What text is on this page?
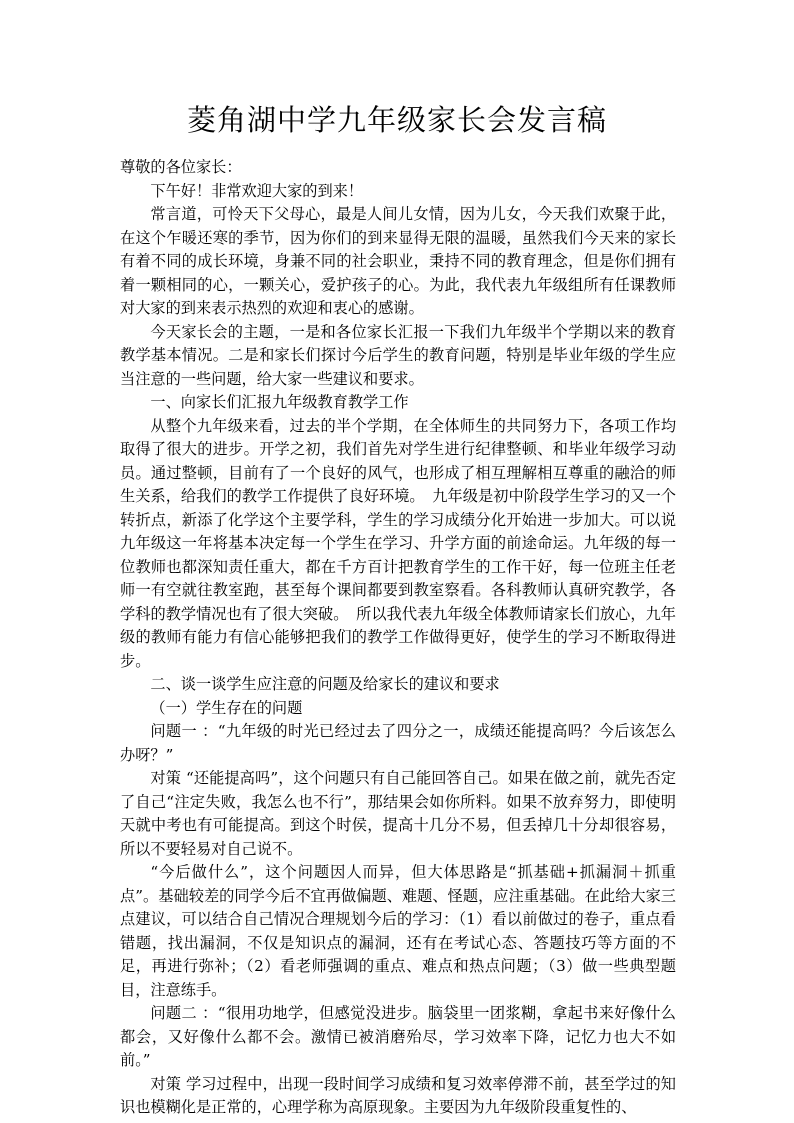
菱角湖中学九年级家长会发言稿

尊敬的各位家长：

下午好！非常欢迎大家的到来！

常言道，可怜天下父母心，最是人间儿女情，因为儿女，今天我们欢聚于此，在这个乍暖还寒的季节，因为你们的到来显得无限的温暖，虽然我们今天来的家长有着不同的成长环境，身兼不同的社会职业，秉持不同的教育理念，但是你们拥有着一颗相同的心，一颗关心，爱护孩子的心。为此，我代表九年级组所有任课教师对大家的到来表示热烈的欢迎和衷心的感谢。

今天家长会的主题，一是和各位家长汇报一下我们九年级半个学期以来的教育教学基本情况。二是和家长们探讨今后学生的教育问题，特别是毕业年级的学生应当注意的一些问题，给大家一些建议和要求。

一、向家长们汇报九年级教育教学工作

从整个九年级来看，过去的半个学期，在全体师生的共同努力下，各项工作均取得了很大的进步。开学之初，我们首先对学生进行纪律整顿、和毕业年级学习动员。通过整顿，目前有了一个良好的风气，也形成了相互理解相互尊重的融洽的师生关系，给我们的教学工作提供了良好环境。　九年级是初中阶段学生学习的又一个转折点，新添了化学这个主要学科，学生的学习成绩分化开始进一步加大。可以说九年级这一年将基本决定每一个学生在学习、升学方面的前途命运。九年级的每一位教师也都深知责任重大，都在千方百计把教育学生的工作干好，每一位班主任老师一有空就往教室跑，甚至每个课间都要到教室察看。各科教师认真研究教学，各学科的教学情况也有了很大突破。　所以我代表九年级全体教师请家长们放心，九年级的教师有能力有信心能够把我们的教学工作做得更好，使学生的学习不断取得进步。

二、谈一谈学生应注意的问题及给家长的建议和要求

（一）学生存在的问题

问题一 ：“九年级的时光已经过去了四分之一，成绩还能提高吗？今后该怎么办呀？”

对策 “还能提高吗”，这个问题只有自己能回答自己。如果在做之前，就先否定了自己“注定失败，我怎么也不行”，那结果会如你所料。如果不放弃努力，即使明天就中考也有可能提高。到这个时侯，提高十几分不易，但丢掉几十分却很容易，所以不要轻易对自己说不。

“今后做什么”，这个问题因人而异，但大体思路是“抓基础+抓漏洞＋抓重点”。基础较差的同学今后不宜再做偏题、难题、怪题，应注重基础。在此给大家三点建议，可以结合自己情况合理规划今后的学习：（1）看以前做过的卷子，重点看错题，找出漏洞，不仅是知识点的漏洞，还有在考试心态、答题技巧等方面的不足，再进行弥补；（2）看老师强调的重点、难点和热点问题；（3）做一些典型题目，注意练手。

问题二 ：“很用功地学，但感觉没进步。脑袋里一团浆糊，拿起书来好像什么都会，又好像什么都不会。激情已被消磨殆尽，学习效率下降，记忆力也大不如前。”

对策 学习过程中，出现一段时间学习成绩和复习效率停滞不前，甚至学过的知识也模糊化是正常的，心理学称为高原现象。主要因为九年级阶段重复性的、
